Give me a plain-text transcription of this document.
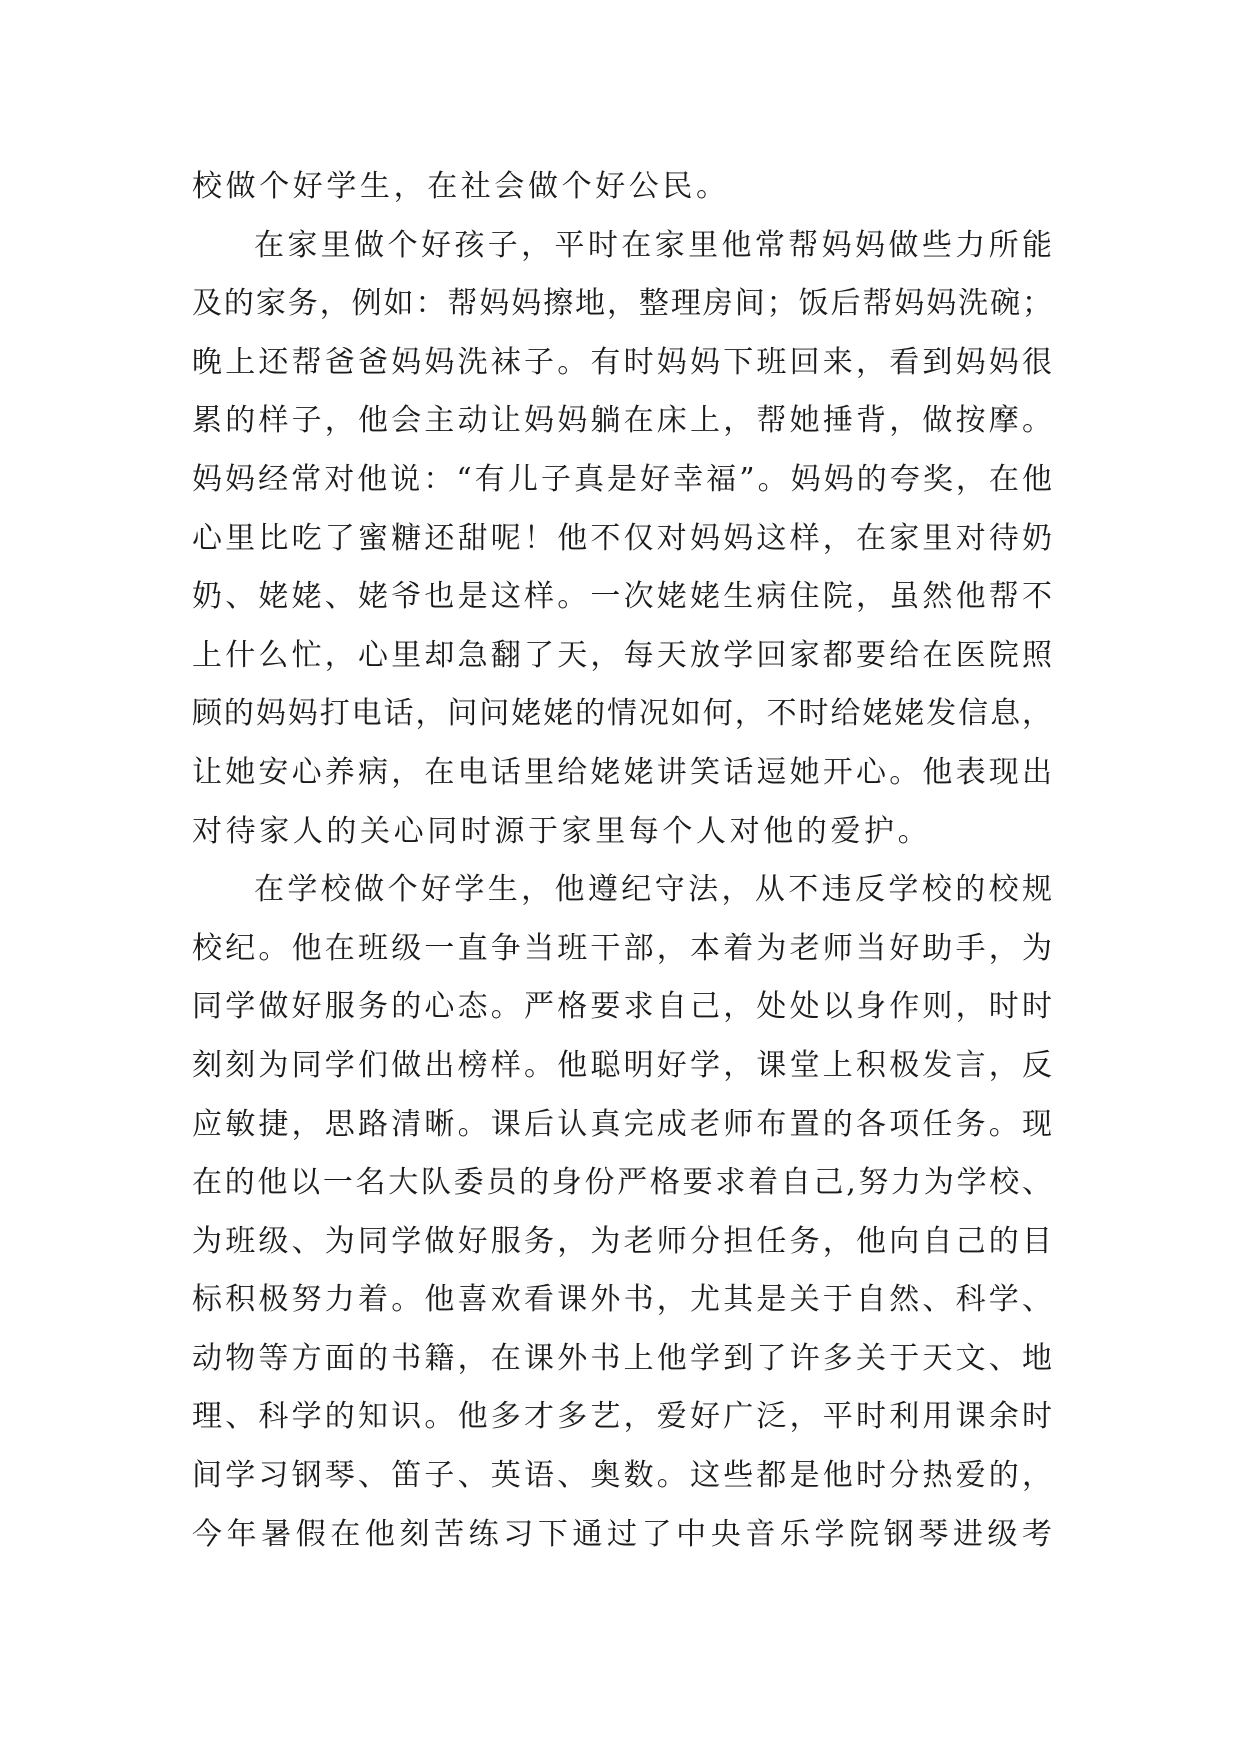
校做个好学生，在社会做个好公民。
在家里做个好孩子，平时在家里他常帮妈妈做些力所能
及的家务，例如：帮妈妈擦地，整理房间；饭后帮妈妈洗碗；
晚上还帮爸爸妈妈洗袜子。有时妈妈下班回来，看到妈妈很
累的样子，他会主动让妈妈躺在床上，帮她捶背，做按摩。
妈妈经常对他说：“有儿子真是好幸福”。妈妈的夸奖，在他
心里比吃了蜜糖还甜呢！他不仅对妈妈这样，在家里对待奶
奶、姥姥、姥爷也是这样。一次姥姥生病住院，虽然他帮不
上什么忙，心里却急翻了天，每天放学回家都要给在医院照
顾的妈妈打电话，问问姥姥的情况如何，不时给姥姥发信息，
让她安心养病，在电话里给姥姥讲笑话逗她开心。他表现出
对待家人的关心同时源于家里每个人对他的爱护。
在学校做个好学生，他遵纪守法，从不违反学校的校规
校纪。他在班级一直争当班干部，本着为老师当好助手，为
同学做好服务的心态。严格要求自己，处处以身作则，时时
刻刻为同学们做出榜样。他聪明好学，课堂上积极发言，反
应敏捷，思路清晰。课后认真完成老师布置的各项任务。现
在的他以一名大队委员的身份严格要求着自己,努力为学校、
为班级、为同学做好服务，为老师分担任务，他向自己的目
标积极努力着。他喜欢看课外书，尤其是关于自然、科学、
动物等方面的书籍，在课外书上他学到了许多关于天文、地
理、科学的知识。他多才多艺，爱好广泛，平时利用课余时
间学习钢琴、笛子、英语、奥数。这些都是他时分热爱的，
今年暑假在他刻苦练习下通过了中央音乐学院钢琴进级考
